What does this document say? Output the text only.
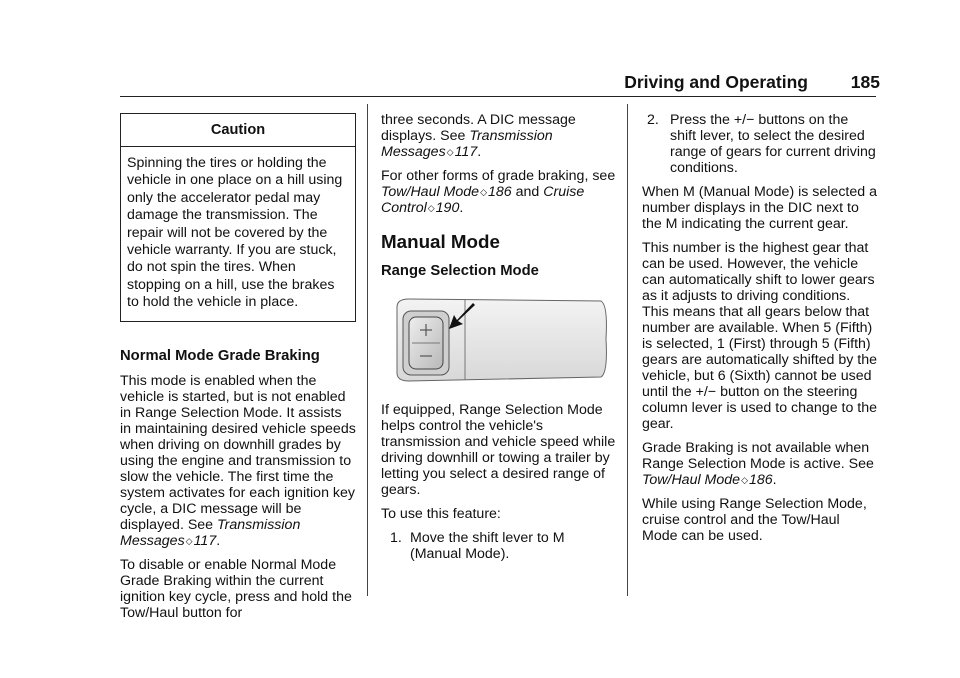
Driving and Operating 185
Caution
Spinning the tires or holding the vehicle in one place on a hill using only the accelerator pedal may damage the transmission. The repair will not be covered by the vehicle warranty. If you are stuck, do not spin the tires. When stopping on a hill, use the brakes to hold the vehicle in place.
Normal Mode Grade Braking

This mode is enabled when the vehicle is started, but is not enabled in Range Selection Mode. It assists in maintaining desired vehicle speeds when driving on downhill grades by using the engine and transmission to slow the vehicle. The first time the system activates for each ignition key cycle, a DIC message will be displayed. See Transmission Messages◇117.

To disable or enable Normal Mode Grade Braking within the current ignition key cycle, press and hold the Tow/Haul button for

three seconds. A DIC message displays. See Transmission Messages◇117.

For other forms of grade braking, see Tow/Haul Mode◇186 and Cruise Control◇190.

Manual Mode
Range Selection Mode

If equipped, Range Selection Mode helps control the vehicle's transmission and vehicle speed while driving downhill or towing a trailer by letting you select a desired range of gears.

To use this feature:

1. Move the shift lever to M (Manual Mode).
2. Press the +/− buttons on the shift lever, to select the desired range of gears for current driving conditions.

When M (Manual Mode) is selected a number displays in the DIC next to the M indicating the current gear.

This number is the highest gear that can be used. However, the vehicle can automatically shift to lower gears as it adjusts to driving conditions. This means that all gears below that number are available. When 5 (Fifth) is selected, 1 (First) through 5 (Fifth) gears are automatically shifted by the vehicle, but 6 (Sixth) cannot be used until the +/− button on the steering column lever is used to change to the gear.

Grade Braking is not available when Range Selection Mode is active. See Tow/Haul Mode◇186.

While using Range Selection Mode, cruise control and the Tow/Haul Mode can be used.
